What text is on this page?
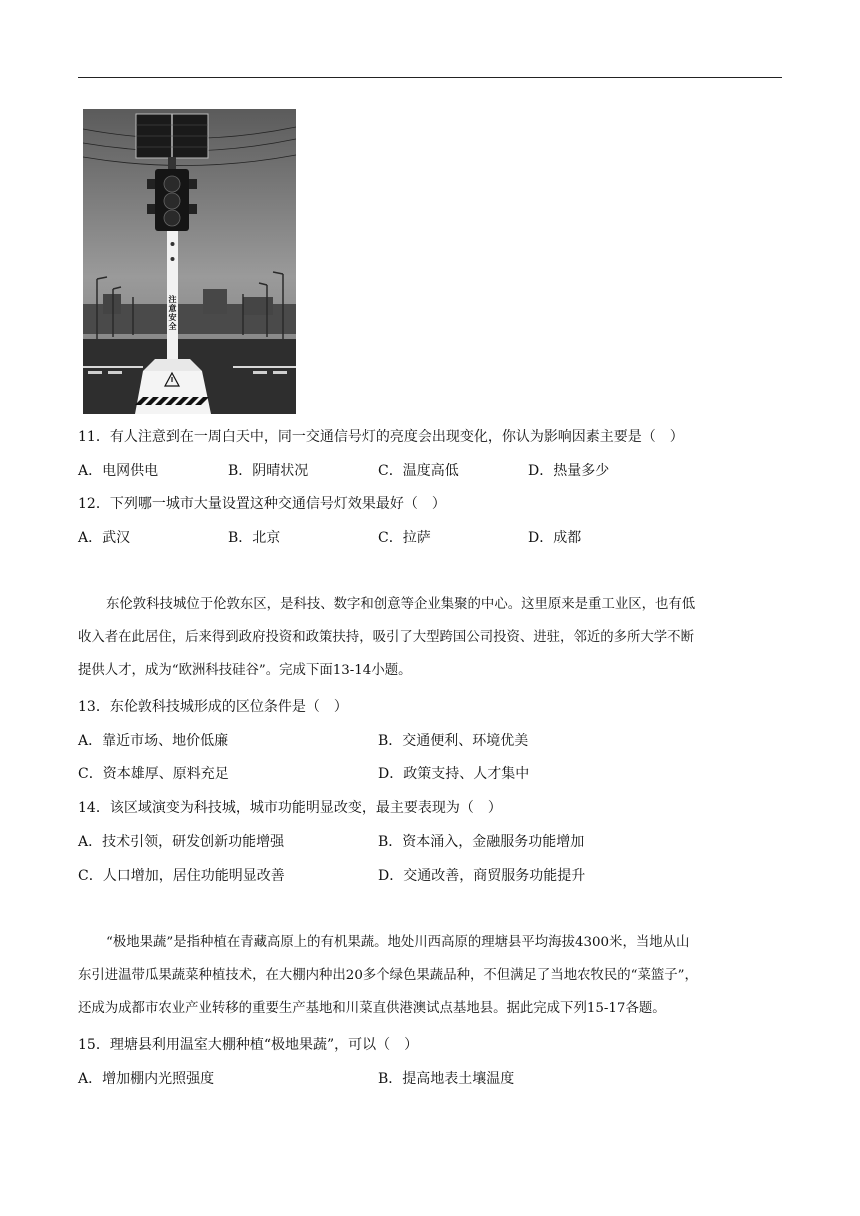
注意安全
11．有人注意到在一周白天中，同一交通信号灯的亮度会出现变化，你认为影响因素主要是（　）
A．电网供电	B．阴晴状况	C．温度高低	D．热量多少
12．下列哪一城市大量设置这种交通信号灯效果最好（　）
A．武汉	B．北京	C．拉萨	D．成都
东伦敦科技城位于伦敦东区，是科技、数字和创意等企业集聚的中心。这里原来是重工业区，也有低
收入者在此居住，后来得到政府投资和政策扶持，吸引了大型跨国公司投资、进驻，邻近的多所大学不断
提供人才，成为“欧洲科技硅谷”。完成下面13-14小题。
13．东伦敦科技城形成的区位条件是（　）
A．靠近市场、地价低廉	B．交通便利、环境优美
C．资本雄厚、原料充足	D．政策支持、人才集中
14．该区域演变为科技城，城市功能明显改变，最主要表现为（　）
A．技术引领，研发创新功能增强	B．资本涌入，金融服务功能增加
C．人口增加，居住功能明显改善	D．交通改善，商贸服务功能提升
“极地果蔬”是指种植在青藏高原上的有机果蔬。地处川西高原的理塘县平均海拔4300米，当地从山
东引进温带瓜果蔬菜种植技术，在大棚内种出20多个绿色果蔬品种，不但满足了当地农牧民的“菜篮子”，
还成为成都市农业产业转移的重要生产基地和川菜直供港澳试点基地县。据此完成下列15-17各题。
15．理塘县利用温室大棚种植“极地果蔬”，可以（　）
A．增加棚内光照强度	B．提高地表土壤温度
